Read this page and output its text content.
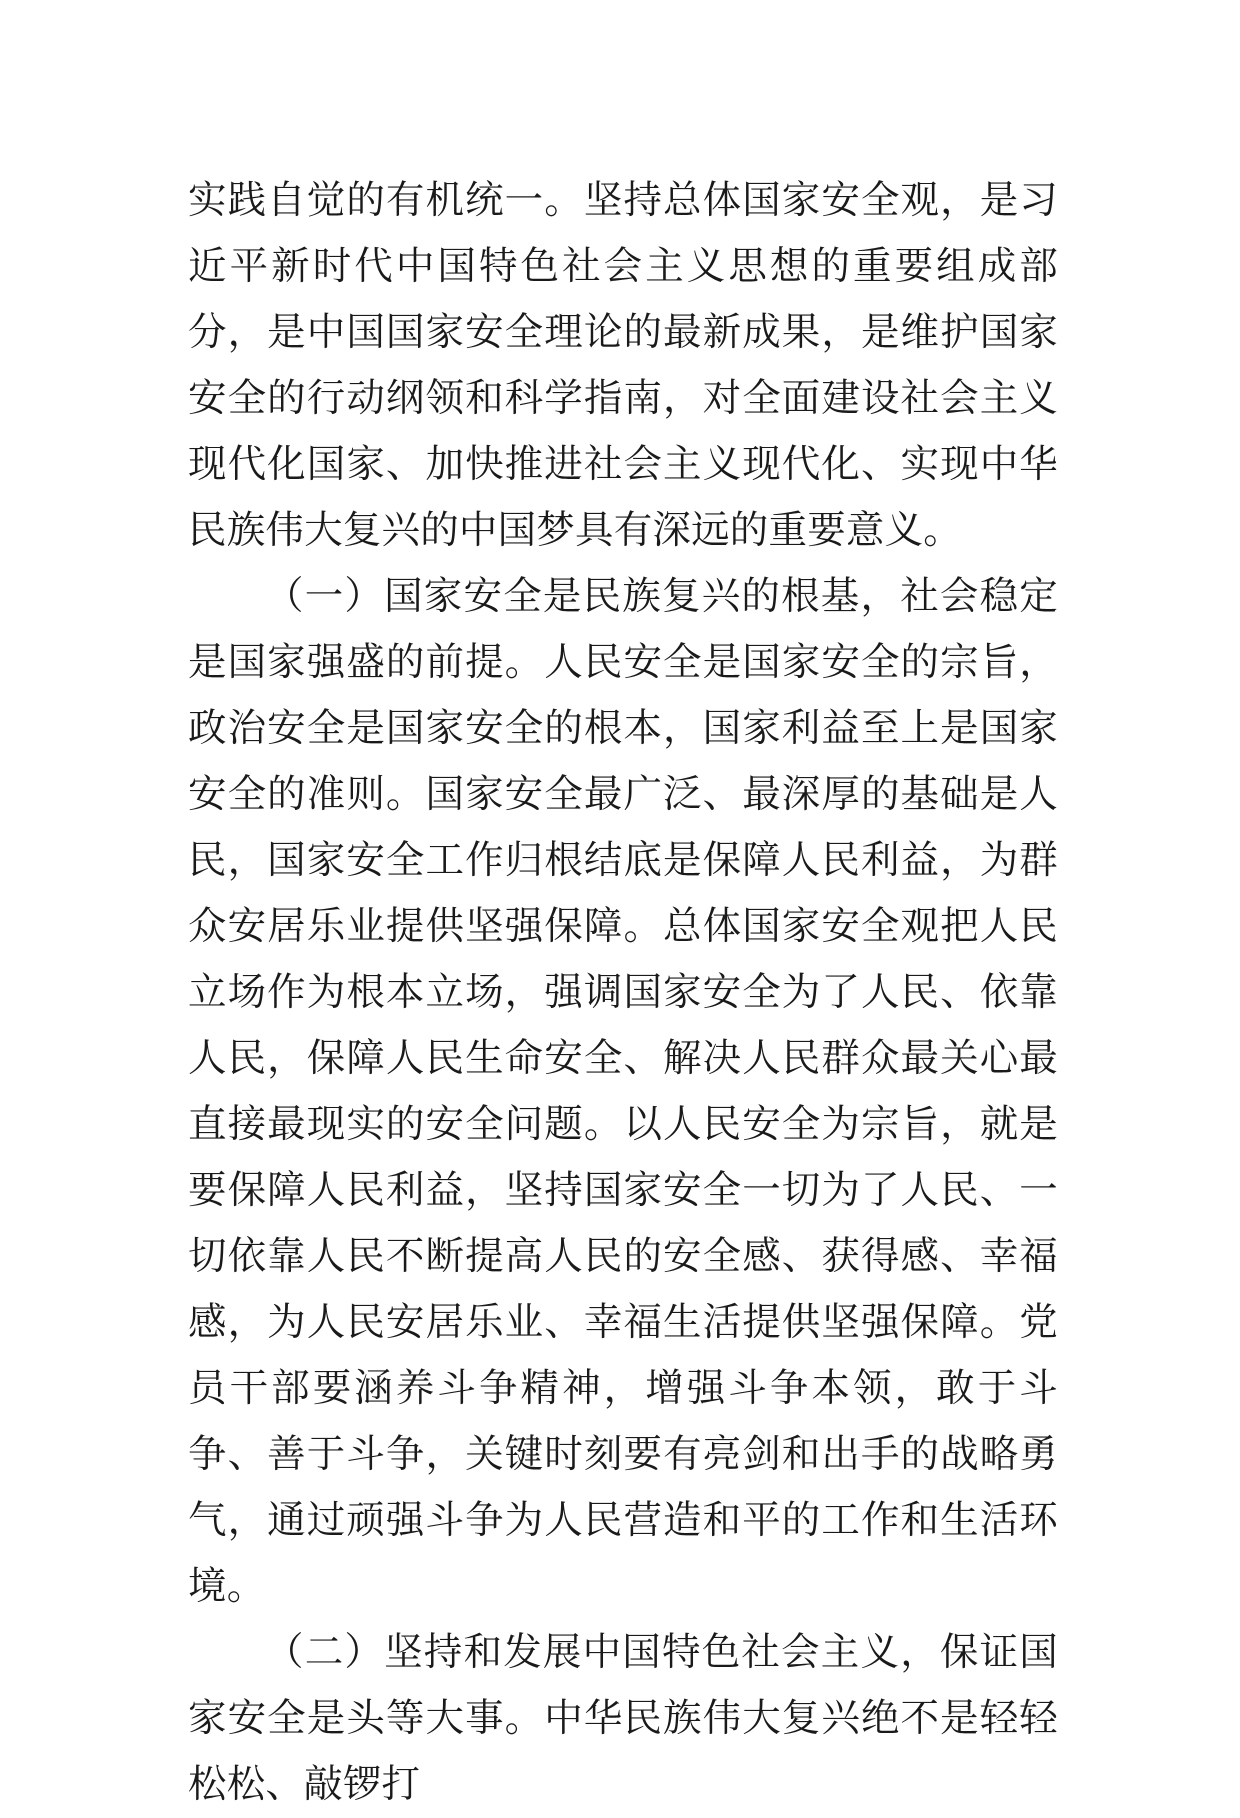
实践自觉的有机统一。坚持总体国家安全观，是习近平新时代中国特色社会主义思想的重要组成部分，是中国国家安全理论的最新成果，是维护国家安全的行动纲领和科学指南，对全面建设社会主义现代化国家、加快推进社会主义现代化、实现中华民族伟大复兴的中国梦具有深远的重要意义。

（一）国家安全是民族复兴的根基，社会稳定是国家强盛的前提。人民安全是国家安全的宗旨，政治安全是国家安全的根本，国家利益至上是国家安全的准则。国家安全最广泛、最深厚的基础是人民，国家安全工作归根结底是保障人民利益，为群众安居乐业提供坚强保障。总体国家安全观把人民立场作为根本立场，强调国家安全为了人民、依靠人民，保障人民生命安全、解决人民群众最关心最直接最现实的安全问题。以人民安全为宗旨，就是要保障人民利益，坚持国家安全一切为了人民、一切依靠人民不断提高人民的安全感、获得感、幸福感，为人民安居乐业、幸福生活提供坚强保障。党员干部要涵养斗争精神，增强斗争本领，敢于斗争、善于斗争，关键时刻要有亮剑和出手的战略勇气，通过顽强斗争为人民营造和平的工作和生活环境。

（二）坚持和发展中国特色社会主义，保证国家安全是头等大事。中华民族伟大复兴绝不是轻轻松松、敲锣打
